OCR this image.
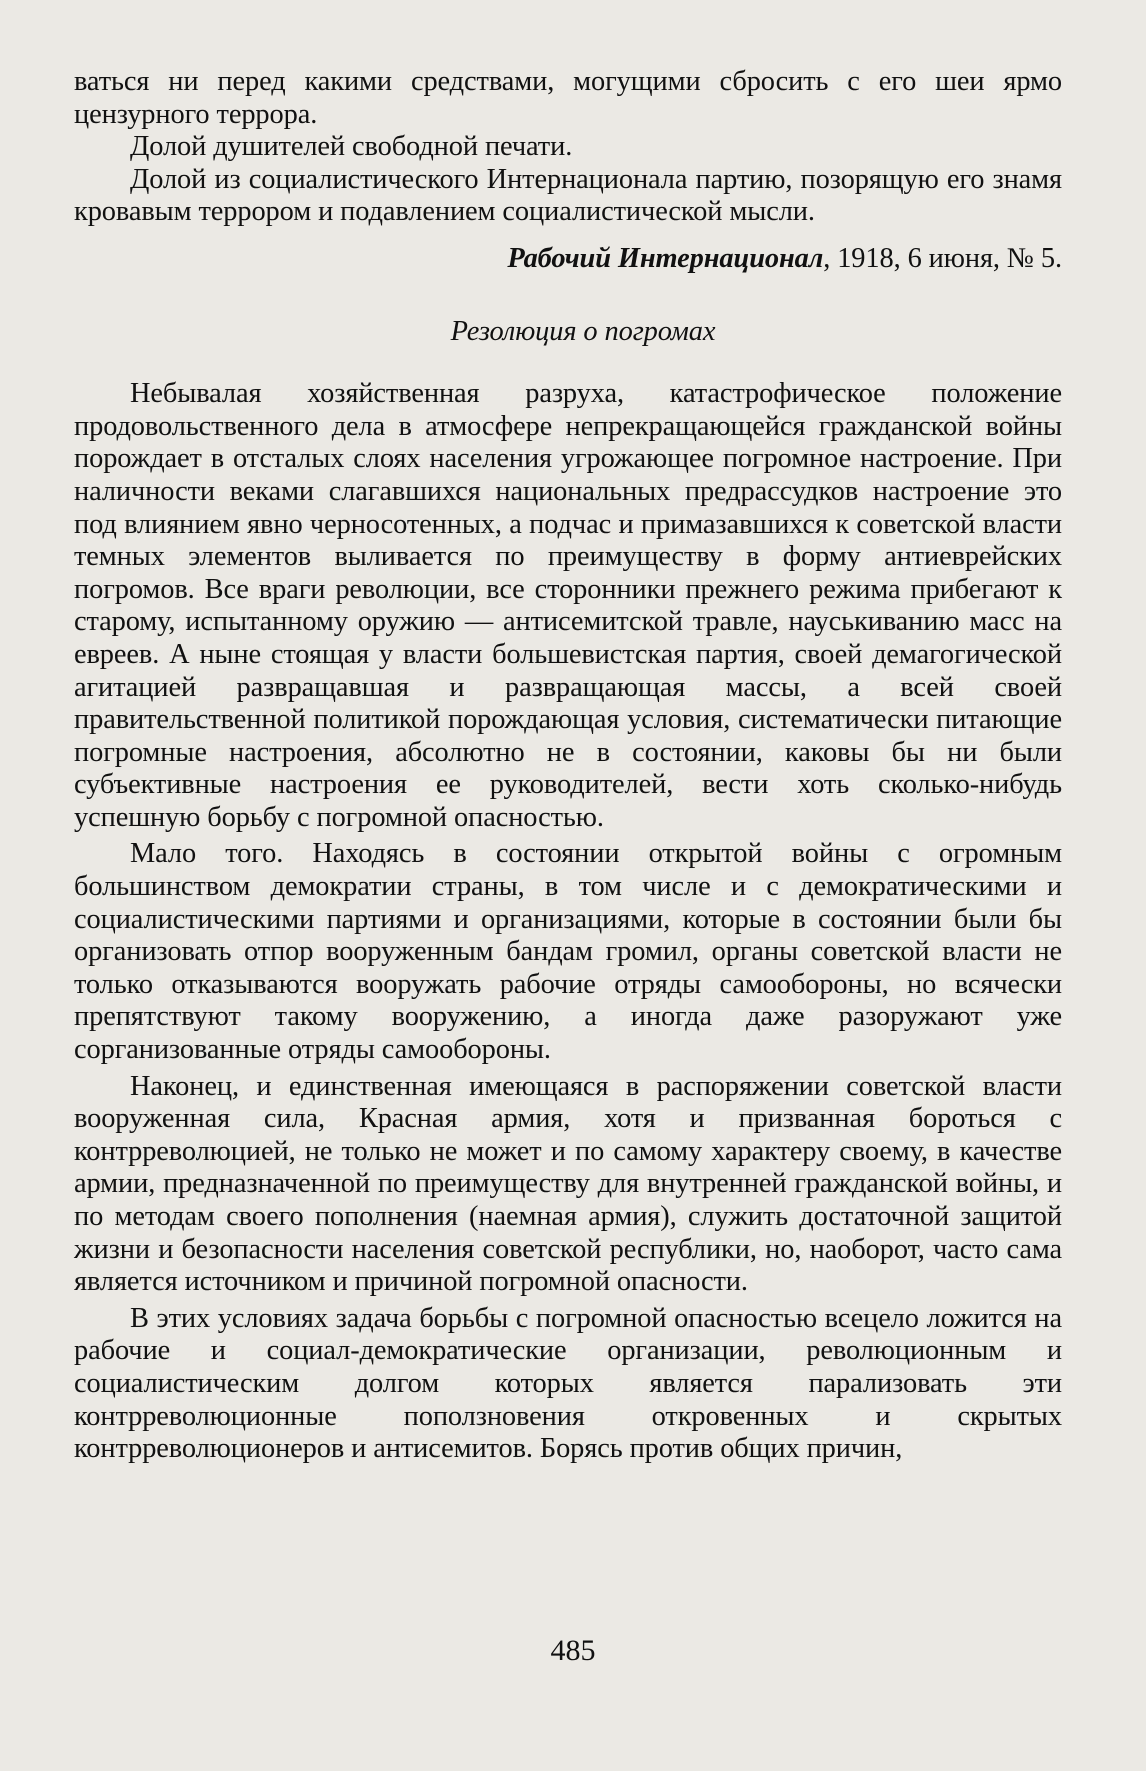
ваться ни перед какими средствами, могущими сбросить с его шеи ярмо цензурного террора.

Долой душителей свободной печати.

Долой из социалистического Интернационала партию, позорящую его знамя кровавым террором и подавлением социалистической мысли.

Рабочий Интернационал, 1918, 6 июня, № 5.

Резолюция о погромах

Небывалая хозяйственная разруха, катастрофическое положение продовольственного дела в атмосфере непрекращающейся гражданской войны порождает в отсталых слоях населения угрожающее погромное настроение. При наличности веками слагавшихся национальных предрассудков настроение это под влиянием явно черносотенных, а подчас и примазавшихся к советской власти темных элементов выливается по преимуществу в форму антиеврейских погромов. Все враги революции, все сторонники прежнего режима прибегают к старому, испытанному оружию — антисемитской травле, науськиванию масс на евреев. А ныне стоящая у власти большевистская партия, своей демагогической агитацией развращавшая и развращающая массы, а всей своей правительственной политикой порождающая условия, систематически питающие погромные настроения, абсолютно не в состоянии, каковы бы ни были субъективные настроения ее руководителей, вести хоть сколько-нибудь успешную борьбу с погромной опасностью.

Мало того. Находясь в состоянии открытой войны с огромным большинством демократии страны, в том числе и с демократическими и социалистическими партиями и организациями, которые в состоянии были бы организовать отпор вооруженным бандам громил, органы советской власти не только отказываются вооружать рабочие отряды самообороны, но всячески препятствуют такому вооружению, а иногда даже разоружают уже сорганизованные отряды самообороны.

Наконец, и единственная имеющаяся в распоряжении советской власти вооруженная сила, Красная армия, хотя и призванная бороться с контрреволюцией, не только не может и по самому характеру своему, в качестве армии, предназначенной по преимуществу для внутренней гражданской войны, и по методам своего пополнения (наемная армия), служить достаточной защитой жизни и безопасности населения советской республики, но, наоборот, часто сама является источником и причиной погромной опасности.

В этих условиях задача борьбы с погромной опасностью всецело ложится на рабочие и социал-демократические организации, революционным и социалистическим долгом которых является парализовать эти контрреволюционные поползновения откровенных и скрытых контрреволюционеров и антисемитов. Борясь против общих причин,

485
